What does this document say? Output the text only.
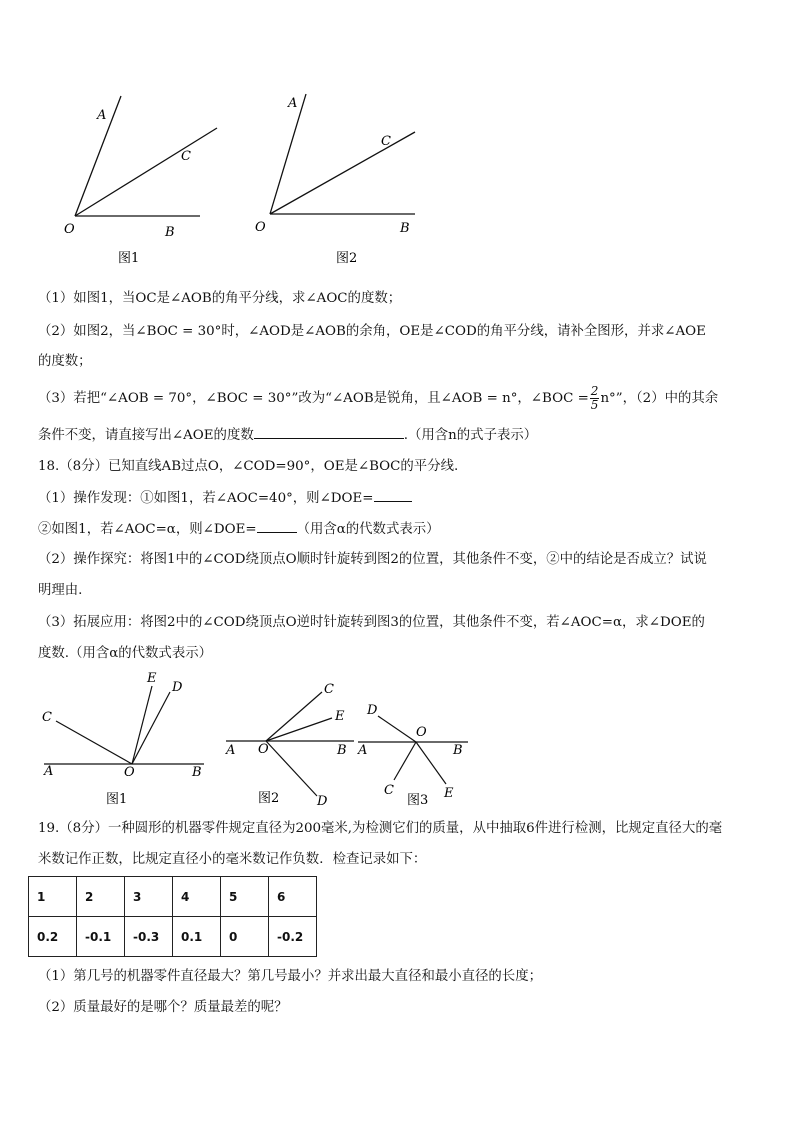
A
C
O	B
图1
A
C
O	B
图2
（1）如图1，当OC是∠AOB的角平分线，求∠AOC的度数；
（2）如图2，当∠BOC = 30°时，∠AOD是∠AOB的余角，OE是∠COD的角平分线，请补全图形，并求∠AOE
的度数；
（3）若把“∠AOB = 70°，∠BOC = 30°”改为“∠AOB是锐角，且∠AOB = n°，∠BOC = $\frac{2}{5} n^\circ$”，（2）中的其余
条件不变，请直接写出∠AOE的度数	.（用含n的式子表示）
18.（8分）已知直线AB过点O，∠COD=90°，OE是∠BOC的平分线.
（1）操作发现：①如图1，若∠AOC=40°，则∠DOE=
②如图1，若∠AOC=α，则∠DOE=	（用含α的代数式表示）
（2）操作探究：将图1中的∠COD绕顶点O顺时针旋转到图2的位置，其他条件不变，②中的结论是否成立？试说
明理由.
（3）拓展应用：将图2中的∠COD绕顶点O逆时针旋转到图3的位置，其他条件不变，若∠AOC=α，求∠DOE的
度数.（用含α的代数式表示）
C
E
D
A	O	B
图1
C
E
A O	B
D
图2
D
O
A	B
C	E
图3
19.（8分）一种圆形的机器零件规定直径为200毫米,为检测它们的质量，从中抽取6件进行检测，比规定直径大的毫
米数记作正数，比规定直径小的毫米数记作负数．检查记录如下：
1	2	3	4	5	6
0.2	-0.1	-0.3	0.1	0	-0.2
（1）第几号的机器零件直径最大？第几号最小？并求出最大直径和最小直径的长度；
（2）质量最好的是哪个？质量最差的呢？
